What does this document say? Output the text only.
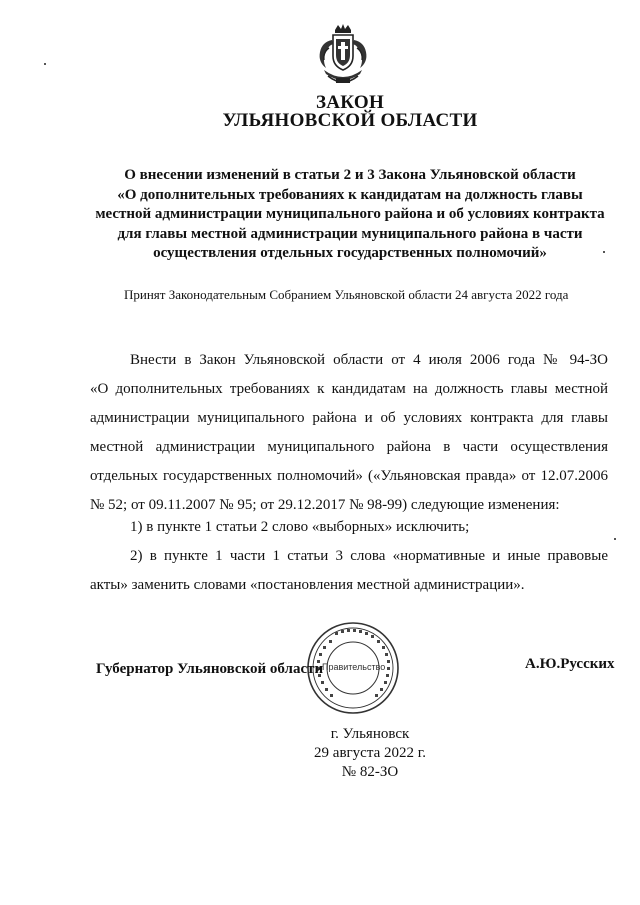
ЗАКОН
УЛЬЯНОВСКОЙ ОБЛАСТИ
О внесении изменений в статьи 2 и 3 Закона Ульяновской области
«О дополнительных требованиях к кандидатам на должность главы
местной администрации муниципального района и об условиях контракта
для главы местной администрации муниципального района в части
осуществления отдельных государственных полномочий»
Принят Законодательным Собранием Ульяновской области 24 августа 2022 года
Внести в Закон Ульяновской области от 4 июля 2006 года № 94-ЗО
«О дополнительных требованиях к кандидатам на должность главы местной
администрации муниципального района и об условиях контракта для главы
местной администрации муниципального района в части осуществления
отдельных государственных полномочий» («Ульяновская правда» от 12.07.2006
№ 52; от 09.11.2007 № 95; от 29.12.2017 № 98-99) следующие изменения:
1) в пункте 1 статьи 2 слово «выборных» исключить;
2) в пункте 1 части 1 статьи 3 слова «нормативные и иные правовые
акты» заменить словами «постановления местной администрации».
Правительство
Губернатор Ульяновской области	А.Ю.Русских
г. Ульяновск
29 августа 2022 г.
№ 82-ЗО
